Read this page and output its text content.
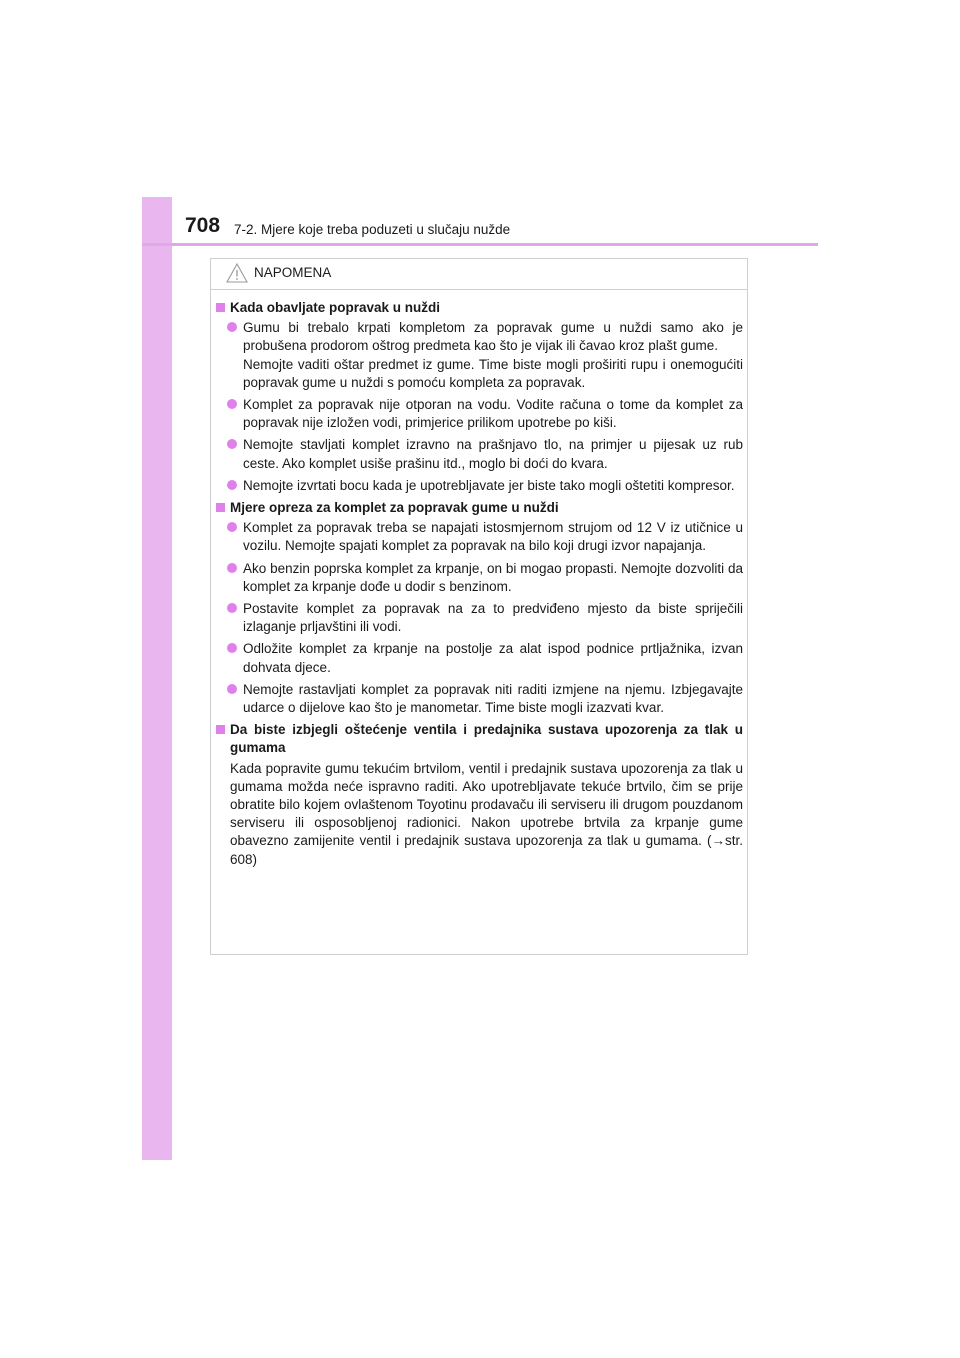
708 7-2. Mjere koje treba poduzeti u slučaju nužde
NAPOMENA
Kada obavljate popravak u nuždi
Gumu bi trebalo krpati kompletom za popravak gume u nuždi samo ako je probušena prodorom oštrog predmeta kao što je vijak ili čavao kroz plašt gume.
Nemojte vaditi oštar predmet iz gume. Time biste mogli proširiti rupu i onemogućiti popravak gume u nuždi s pomoću kompleta za popravak.
Komplet za popravak nije otporan na vodu. Vodite računa o tome da komplet za popravak nije izložen vodi, primjerice prilikom upotrebe po kiši.
Nemojte stavljati komplet izravno na prašnjavo tlo, na primjer u pijesak uz rub ceste. Ako komplet usiše prašinu itd., moglo bi doći do kvara.
Nemojte izvrtati bocu kada je upotrebljavate jer biste tako mogli oštetiti kompresor.
Mjere opreza za komplet za popravak gume u nuždi
Komplet za popravak treba se napajati istosmjernom strujom od 12 V iz utičnice u vozilu. Nemojte spajati komplet za popravak na bilo koji drugi izvor napajanja.
Ako benzin poprska komplet za krpanje, on bi mogao propasti. Nemojte dozvoliti da komplet za krpanje dođe u dodir s benzinom.
Postavite komplet za popravak na za to predviđeno mjesto da biste spriječili izlaganje prljavštini ili vodi.
Odložite komplet za krpanje na postolje za alat ispod podnice prtljažnika, izvan dohvata djece.
Nemojte rastavljati komplet za popravak niti raditi izmjene na njemu. Izbjegavajte udarce o dijelove kao što je manometar. Time biste mogli izazvati kvar.
Da biste izbjegli oštećenje ventila i predajnika sustava upozorenja za tlak u gumama
Kada popravite gumu tekućim brtvilom, ventil i predajnik sustava upozorenja za tlak u gumama možda neće ispravno raditi. Ako upotrebljavate tekuće brtvilo, čim se prije obratite bilo kojem ovlaštenom Toyotinu prodavaču ili serviseru ili drugom pouzdanom serviseru ili osposobljenoj radionici. Nakon upotrebe brtvila za krpanje gume obavezno zamijenite ventil i predajnik sustava upozorenja za tlak u gumama. (→str. 608)
